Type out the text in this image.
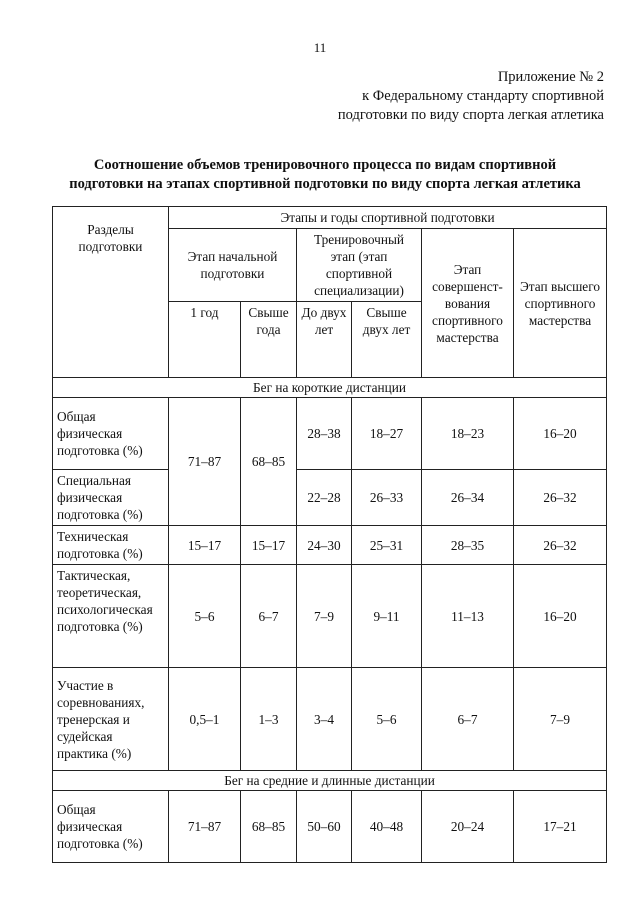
11
Приложение № 2
к Федеральному стандарту спортивной
подготовки по виду спорта легкая атлетика
Соотношение объемов тренировочного процесса по видам спортивной
подготовки на этапах спортивной подготовки по виду спорта легкая атлетика
Разделы подготовки	Этапы и годы спортивной подготовки					
	Этап начальной подготовки		Тренировочный этап (этап спортивной специализации)		Этап совершенст-вования спортивного мастерства	Этап высшего спортивного мастерства
	1 год	Свыше года	До двух лет	Свыше двух лет		
Бег на короткие дистанции						
Общая физическая подготовка (%)	71–87	68–85	28–38	18–27	18–23	16–20
Специальная физическая подготовка (%)			22–28	26–33	26–34	26–32
Техническая подготовка (%)	15–17	15–17	24–30	25–31	28–35	26–32
Тактическая, теоретическая, психологическая подготовка (%)	5–6	6–7	7–9	9–11	11–13	16–20
Участие в соревнованиях, тренерская и судейская практика (%)	0,5–1	1–3	3–4	5–6	6–7	7–9
Бег на средние и длинные дистанции						
Общая физическая подготовка (%)	71–87	68–85	50–60	40–48	20–24	17–21
